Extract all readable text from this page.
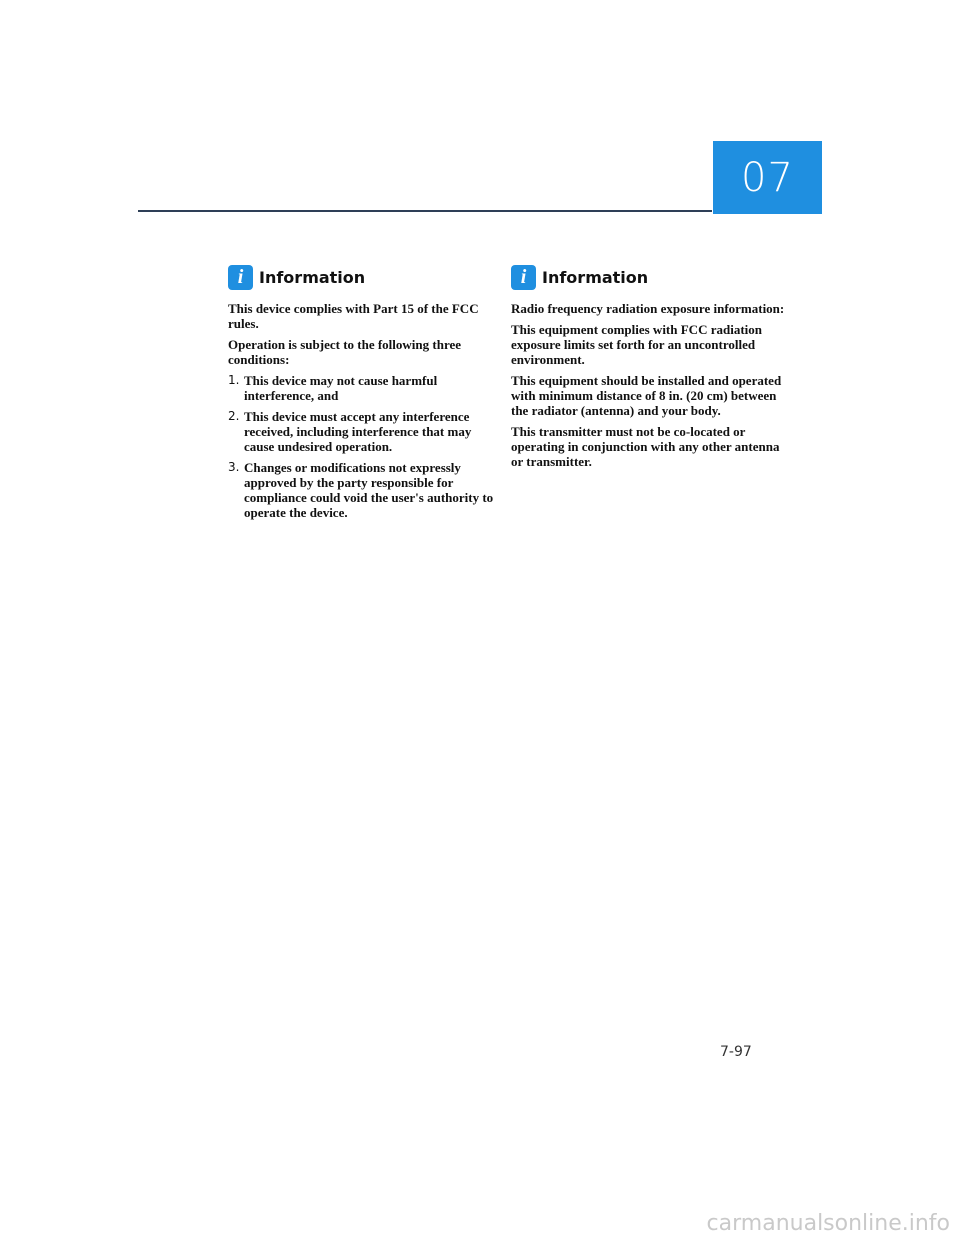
07
i Information

This device complies with Part 15 of the FCC rules.

Operation is subject to the following three conditions:

1. This device may not cause harmful interference, and
2. This device must accept any interference received, including interference that may cause undesired operation.
3. Changes or modifications not expressly approved by the party responsible for compliance could void the user's authority to operate the device.
i Information

Radio frequency radiation exposure information:

This equipment complies with FCC radiation exposure limits set forth for an uncontrolled environment.

This equipment should be installed and operated with minimum distance of 8 in. (20 cm) between the radiator (antenna) and your body.

This transmitter must not be co-located or operating in conjunction with any other antenna or transmitter.

7-97
carmanualsonline.info
